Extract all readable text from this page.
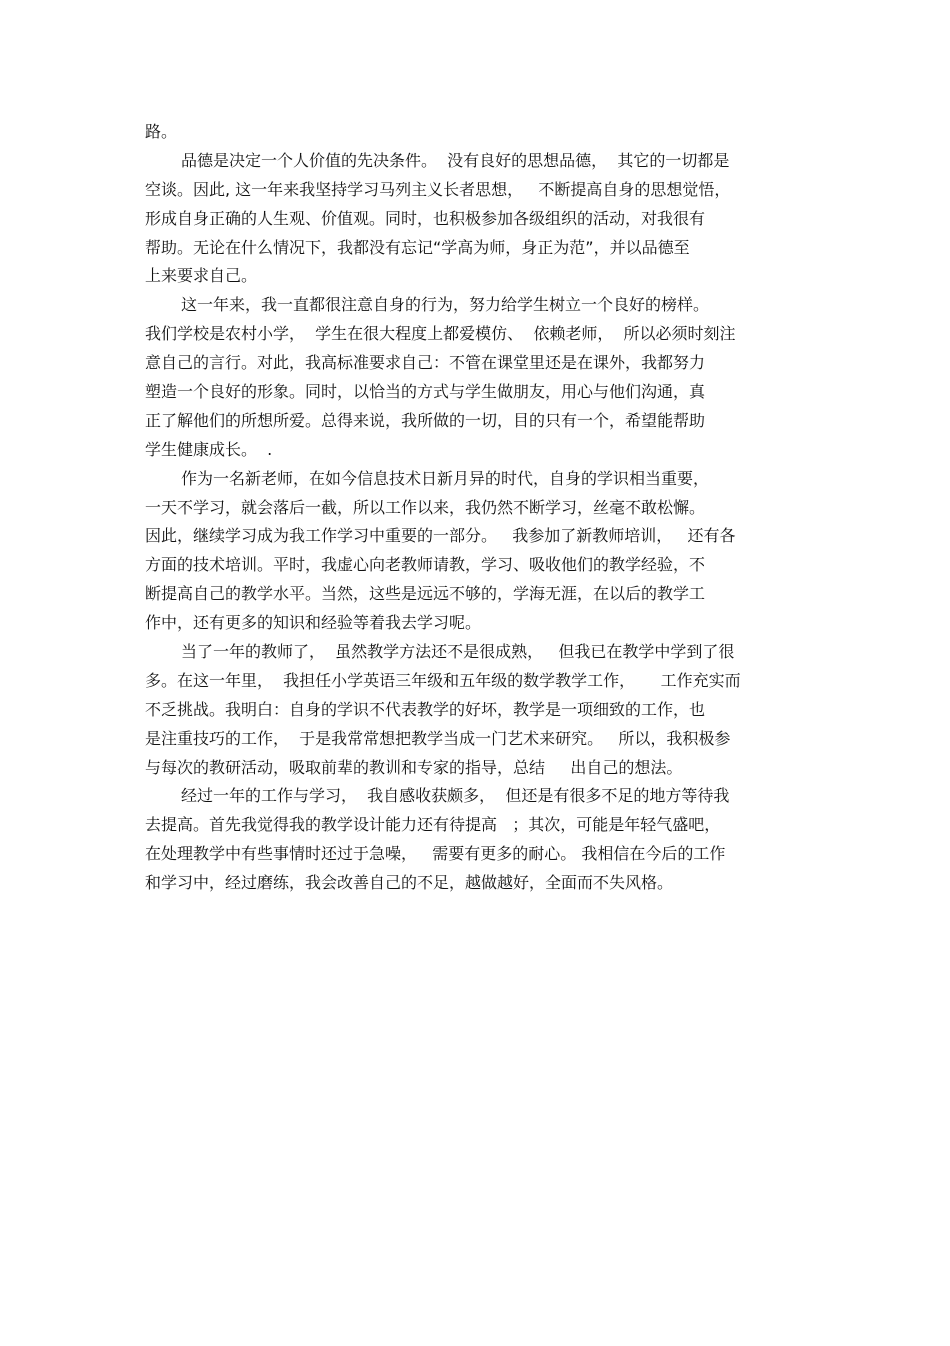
路。
品德是决定一个人价值的先决条件。  没有良好的思想品德，  其它的一切都是
空谈。因此, 这一年来我坚持学习马列主义长者思想，   不断提高自身的思想觉悟，
形成自身正确的人生观、价值观。同时，也积极参加各级组织的活动，对我很有
帮助。无论在什么情况下，我都没有忘记“学高为师，身正为范”，并以品德至
上来要求自己。
这一年来，我一直都很注意自身的行为，努力给学生树立一个良好的榜样。
我们学校是农村小学，  学生在很大程度上都爱模仿、  依赖老师，  所以必须时刻注
意自己的言行。对此，我高标准要求自己：不管在课堂里还是在课外，我都努力
塑造一个良好的形象。同时，以恰当的方式与学生做朋友，用心与他们沟通，真
正了解他们的所想所爱。总得来说，我所做的一切，目的只有一个，希望能帮助
学生健康成长。  .
作为一名新老师，在如今信息技术日新月异的时代，自身的学识相当重要，
一天不学习，就会落后一截，所以工作以来，我仍然不断学习，丝毫不敢松懈。
因此，继续学习成为我工作学习中重要的一部分。   我参加了新教师培训，   还有各
方面的技术培训。平时，我虚心向老教师请教，学习、吸收他们的教学经验，不
断提高自己的教学水平。当然，这些是远远不够的，学海无涯，在以后的教学工
作中，还有更多的知识和经验等着我去学习呢。
当了一年的教师了，  虽然教学方法还不是很成熟，   但我已在教学中学到了很
多。在这一年里，  我担任小学英语三年级和五年级的数学教学工作，     工作充实而
不乏挑战。我明白：自身的学识不代表教学的好坏，教学是一项细致的工作，也
是注重技巧的工作，  于是我常常想把教学当成一门艺术来研究。   所以，我积极参
与每次的教研活动，吸取前辈的教训和专家的指导，总结     出自己的想法。
经过一年的工作与学习，  我自感收获颇多，  但还是有很多不足的地方等待我
去提高。首先我觉得我的教学设计能力还有待提高   ；其次，可能是年轻气盛吧，
在处理教学中有些事情时还过于急噪，   需要有更多的耐心。 我相信在今后的工作
和学习中，经过磨练，我会改善自己的不足，越做越好，全面而不失风格。
